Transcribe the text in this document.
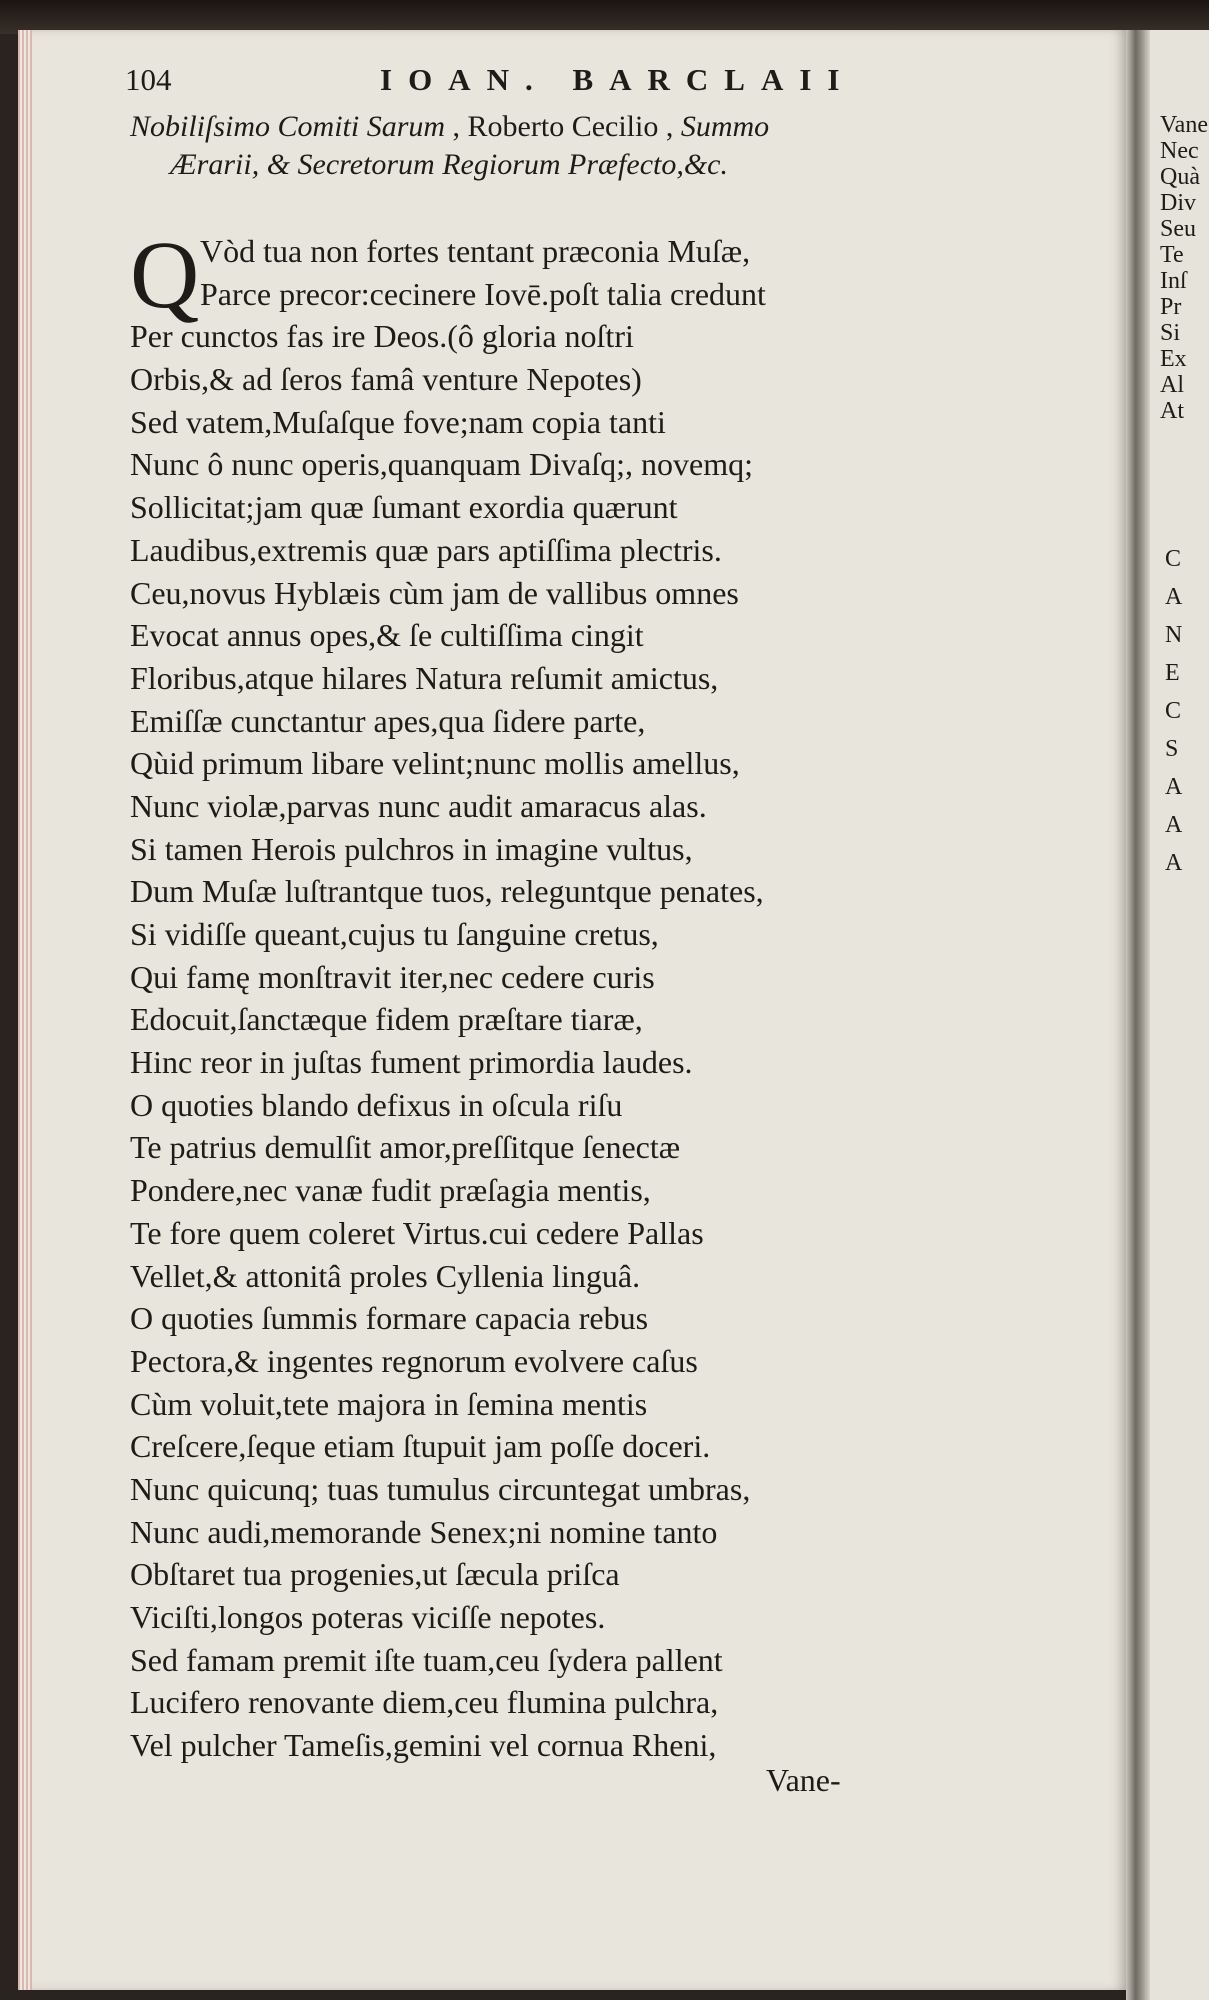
104	IOAN. BARCLAII
Nobiliſsimo Comiti Sarum , Roberto Cecilio , Summo
Ærarii, & Secretorum Regiorum Præfecto,&c.
Q Vòd tua non fortes tentant præconia Muſæ,
Parce precor:cecinere Iovē.poſt talia credunt
Per cunctos fas ire Deos.(ô gloria noſtri
Orbis,& ad ſeros famâ venture Nepotes)
Sed vatem,Muſaſque fove;nam copia tanti
Nunc ô nunc operis,quanquam Divaſq;, novemq;
Sollicitat;jam quæ ſumant exordia quærunt
Laudibus,extremis quæ pars aptiſſima plectris.
Ceu,novus Hyblæis cùm jam de vallibus omnes
Evocat annus opes,& ſe cultiſſima cingit
Floribus,atque hilares Natura reſumit amictus,
Emiſſæ cunctantur apes,qua ſidere parte,
Qùid primum libare velint;nunc mollis amellus,
Nunc violæ,parvas nunc audit amaracus alas.
Si tamen Herois pulchros in imagine vultus,
Dum Muſæ luſtrantque tuos, releguntque penates,
Si vidiſſe queant,cujus tu ſanguine cretus,
Qui famę monſtravit iter,nec cedere curis
Edocuit,ſanctæque fidem præſtare tiaræ,
Hinc reor in juſtas fument primordia laudes.
O quoties blando defixus in oſcula riſu
Te patrius demulſit amor,preſſitque ſenectæ
Pondere,nec vanæ fudit præſagia mentis,
Te fore quem coleret Virtus.cui cedere Pallas
Vellet,& attonitâ proles Cyllenia linguâ.
O quoties ſummis formare capacia rebus
Pectora,& ingentes regnorum evolvere caſus
Cùm voluit,tete majora in ſemina mentis
Creſcere,ſeque etiam ſtupuit jam poſſe doceri.
Nunc quicunq; tuas tumulus circuntegat umbras,
Nunc audi,memorande Senex;ni nomine tanto
Obſtaret tua progenies,ut ſæcula priſca
Viciſti,longos poteras viciſſe nepotes.
Sed famam premit iſte tuam,ceu ſydera pallent
Lucifero renovante diem,ceu flumina pulchra,
Vel pulcher Tameſis,gemini vel cornua Rheni,
Vane-
Vane
Nec
Quà
Div
Seu
Te
Inſ
Pr
Si
Ex
Al
At
C
A
N
E
C
S
A
A
A
